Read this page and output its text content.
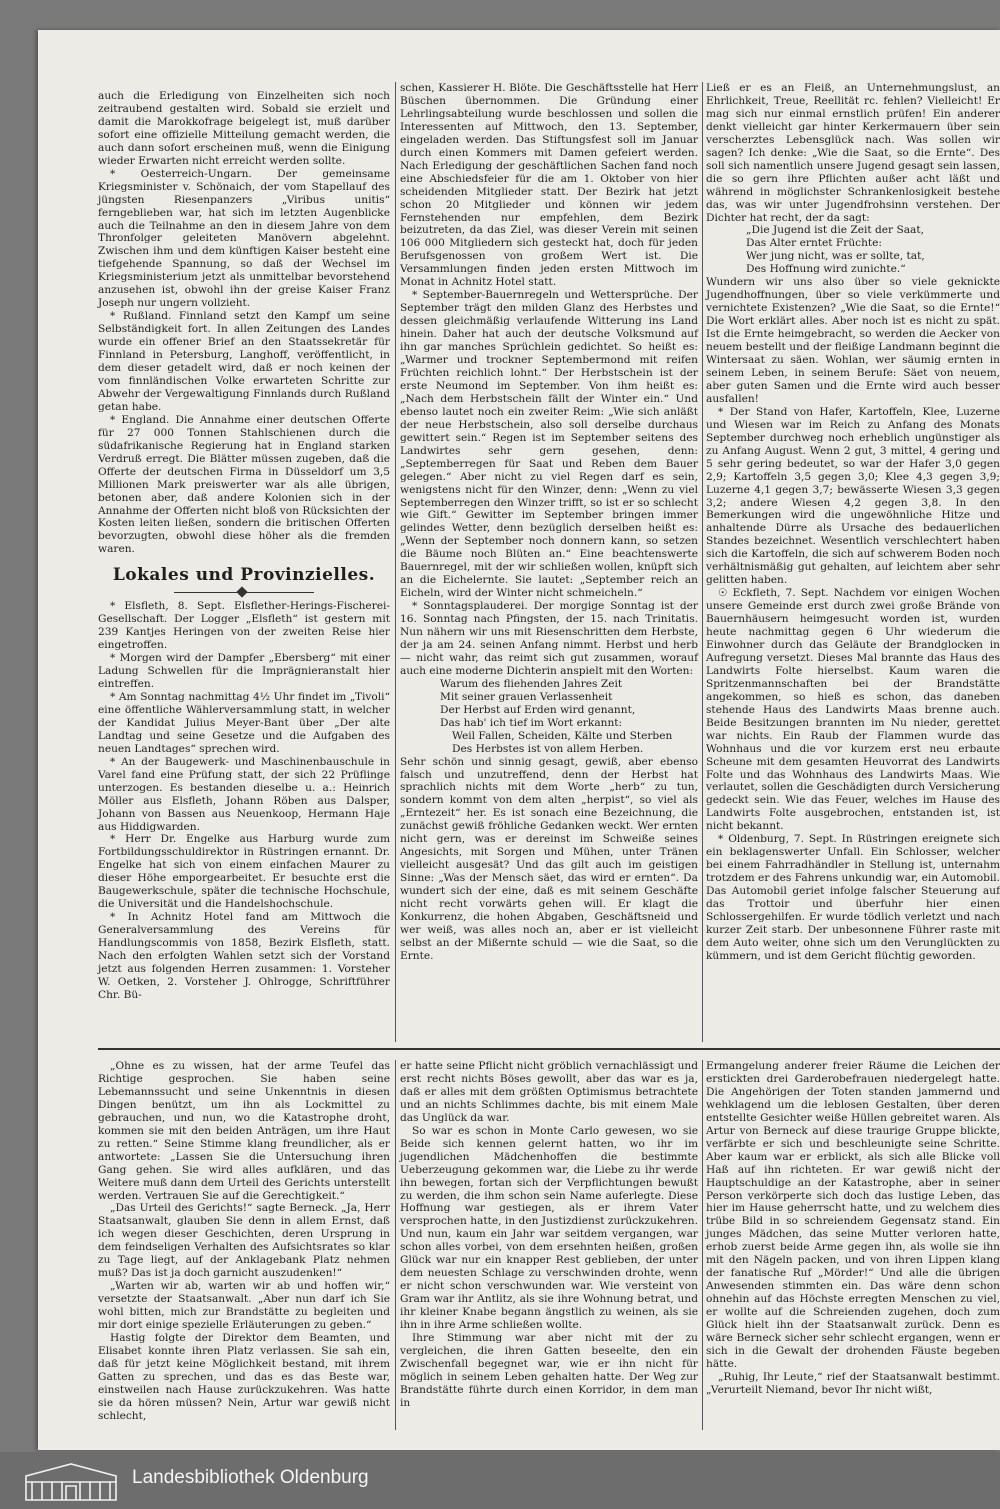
auch die Erledigung von Einzelheiten sich noch zeitraubend gestalten wird. Sobald sie erzielt und damit die Marokkofrage beigelegt ist, muß darüber sofort eine offizielle Mitteilung gemacht werden, die auch dann sofort erscheinen muß, wenn die Einigung wieder Erwarten nicht erreicht werden sollte.

* Oesterreich-Ungarn. Der gemeinsame Kriegsminister v. Schönaich, der vom Stapellauf des jüngsten Riesenpanzers „Viribus unitis“ ferngeblieben war, hat sich im letzten Augenblicke auch die Teilnahme an den in diesem Jahre von dem Thronfolger geleiteten Manövern abgelehnt. Zwischen ihm und dem künftigen Kaiser besteht eine tiefgehende Spannung, so daß der Wechsel im Kriegsministerium jetzt als unmittelbar bevorstehend anzusehen ist, obwohl ihn der greise Kaiser Franz Joseph nur ungern vollzieht.

* Rußland. Finnland setzt den Kampf um seine Selbständigkeit fort. In allen Zeitungen des Landes wurde ein offener Brief an den Staatssekretär für Finnland in Petersburg, Langhoff, veröffentlicht, in dem dieser getadelt wird, daß er noch keinen der vom finnländischen Volke erwarteten Schritte zur Abwehr der Vergewaltigung Finnlands durch Rußland getan habe.

* England. Die Annahme einer deutschen Offerte für 27 000 Tonnen Stahlschienen durch die südafrikanische Regierung hat in England starken Verdruß erregt. Die Blätter müssen zugeben, daß die Offerte der deutschen Firma in Düsseldorf um 3,5 Millionen Mark preiswerter war als alle übrigen, betonen aber, daß andere Kolonien sich in der Annahme der Offerten nicht bloß von Rücksichten der Kosten leiten ließen, sondern die britischen Offerten bevorzugten, obwohl diese höher als die fremden waren.

Lokales und Provinzielles.

* Elsfleth, 8. Sept. Elsflether-Herings-Fischerei-Gesellschaft. Der Logger „Elsfleth“ ist gestern mit 239 Kantjes Heringen von der zweiten Reise hier eingetroffen.

* Morgen wird der Dampfer „Ebersberg“ mit einer Ladung Schwellen für die Imprägnieranstalt hier eintreffen.

* Am Sonntag nachmittag 4½ Uhr findet im „Tivoli“ eine öffentliche Wählerversammlung statt, in welcher der Kandidat Julius Meyer-Bant über „Der alte Landtag und seine Gesetze und die Aufgaben des neuen Landtages“ sprechen wird.

* An der Baugewerk- und Maschinenbauschule in Varel fand eine Prüfung statt, der sich 22 Prüflinge unterzogen. Es bestanden dieselbe u. a.: Heinrich Möller aus Elsfleth, Johann Röben aus Dalsper, Johann von Bassen aus Neuenkoop, Hermann Haje aus Hiddigwarden.

* Herr Dr. Engelke aus Harburg wurde zum Fortbildungsschuldirektor in Rüstringen ernannt. Dr. Engelke hat sich von einem einfachen Maurer zu dieser Höhe emporgearbeitet. Er besuchte erst die Baugewerkschule, später die technische Hochschule, die Universität und die Handelshochschule.

* In Achnitz Hotel fand am Mittwoch die Generalversammlung des Vereins für Handlungscommis von 1858, Bezirk Elsfleth, statt. Nach den erfolgten Wahlen setzt sich der Vorstand jetzt aus folgenden Herren zusammen: 1. Vorsteher W. Oetken, 2. Vorsteher J. Ohlrogge, Schriftführer Chr. Bü-

schen, Kassierer H. Blöte. Die Geschäftsstelle hat Herr Büschen übernommen. Die Gründung einer Lehrlingsabteilung wurde beschlossen und sollen die Interessenten auf Mittwoch, den 13. September, eingeladen werden. Das Stiftungsfest soll im Januar durch einen Kommers mit Damen gefeiert werden. Nach Erledigung der geschäftlichen Sachen fand noch eine Abschiedsfeier für die am 1. Oktober von hier scheidenden Mitglieder statt. Der Bezirk hat jetzt schon 20 Mitglieder und können wir jedem Fernstehenden nur empfehlen, dem Bezirk beizutreten, da das Ziel, was dieser Verein mit seinen 106 000 Mitgliedern sich gesteckt hat, doch für jeden Berufsgenossen von großem Wert ist. Die Versammlungen finden jeden ersten Mittwoch im Monat in Achnitz Hotel statt.

* September-Bauernregeln und Wettersprüche. Der September trägt den milden Glanz des Herbstes und dessen gleichmäßig verlaufende Witterung ins Land hinein. Daher hat auch der deutsche Volksmund auf ihn gar manches Sprüchlein gedichtet. So heißt es: „Warmer und trockner Septembermond mit reifen Früchten reichlich lohnt.“ Der Herbstschein ist der erste Neumond im September. Von ihm heißt es: „Nach dem Herbstschein fällt der Winter ein.“ Und ebenso lautet noch ein zweiter Reim: „Wie sich anläßt der neue Herbstschein, also soll derselbe durchaus gewittert sein.“ Regen ist im September seitens des Landwirtes sehr gern gesehen, denn: „Septemberregen für Saat und Reben dem Bauer gelegen.“ Aber nicht zu viel Regen darf es sein, wenigstens nicht für den Winzer, denn: „Wenn zu viel Septemberregen den Winzer trifft, so ist er so schlecht wie Gift.“ Gewitter im September bringen immer gelindes Wetter, denn bezüglich derselben heißt es: „Wenn der September noch donnern kann, so setzen die Bäume noch Blüten an.“ Eine beachtenswerte Bauernregel, mit der wir schließen wollen, knüpft sich an die Eichelernte. Sie lautet: „September reich an Eicheln, wird der Winter nicht schmeicheln.“

* Sonntagsplauderei. Der morgige Sonntag ist der 16. Sonntag nach Pfingsten, der 15. nach Trinitatis. Nun nähern wir uns mit Riesenschritten dem Herbste, der ja am 24. seinen Anfang nimmt. Herbst und herb — nicht wahr, das reimt sich gut zusammen, worauf auch eine moderne Dichterin anspielt mit den Worten:

Warum des fliehenden Jahres Zeit

Mit seiner grauen Verlassenheit

Der Herbst auf Erden wird genannt,

Das hab' ich tief im Wort erkannt:

Weil Fallen, Scheiden, Kälte und Sterben

Des Herbstes ist von allem Herben.

Sehr schön und sinnig gesagt, gewiß, aber ebenso falsch und unzutreffend, denn der Herbst hat sprachlich nichts mit dem Worte „herb“ zu tun, sondern kommt von dem alten „herpist“, so viel als „Erntezeit“ her. Es ist sonach eine Bezeichnung, die zunächst gewiß fröhliche Gedanken weckt. Wer ernten nicht gern, was er dereinst im Schweiße seines Angesichts, mit Sorgen und Mühen, unter Tränen vielleicht ausgesät? Und das gilt auch im geistigen Sinne: „Was der Mensch säet, das wird er ernten“. Da wundert sich der eine, daß es mit seinem Geschäfte nicht recht vorwärts gehen will. Er klagt die Konkurrenz, die hohen Abgaben, Geschäftsneid und wer weiß, was alles noch an, aber er ist vielleicht selbst an der Mißernte schuld — wie die Saat, so die Ernte.

Ließ er es an Fleiß, an Unternehmungslust, an Ehrlichkeit, Treue, Reellität rc. fehlen? Vielleicht! Er mag sich nur einmal ernstlich prüfen! Ein anderer denkt vielleicht gar hinter Kerkermauern über sein verscherztes Lebensglück nach. Was sollen wir sagen? Ich denke: „Wie die Saat, so die Ernte“. Des soll sich namentlich unsere Jugend gesagt sein lassen, die so gern ihre Pflichten außer acht läßt und während in möglichster Schrankenlosigkeit bestehe das, was wir unter Jugendfrohsinn verstehen. Der Dichter hat recht, der da sagt:

„Die Jugend ist die Zeit der Saat,

Das Alter erntet Früchte:

Wer jung nicht, was er sollte, tat,

Des Hoffnung wird zunichte.“

Wundern wir uns also über so viele geknickte Jugendhoffnungen, über so viele verkümmerte und vernichtete Existenzen? „Wie die Saat, so die Ernte!“ Die Wort erklärt alles. Aber noch ist es nicht zu spät. Ist die Ernte heimgebracht, so werden die Aecker von neuem bestellt und der fleißige Landmann beginnt die Wintersaat zu säen. Wohlan, wer säumig ernten in seinem Leben, in seinem Berufe: Säet von neuem, aber guten Samen und die Ernte wird auch besser ausfallen!

* Der Stand von Hafer, Kartoffeln, Klee, Luzerne und Wiesen war im Reich zu Anfang des Monats September durchweg noch erheblich ungünstiger als zu Anfang August. Wenn 2 gut, 3 mittel, 4 gering und 5 sehr gering bedeutet, so war der Hafer 3,0 gegen 2,9; Kartoffeln 3,5 gegen 3,0; Klee 4,3 gegen 3,9; Luzerne 4,1 gegen 3,7; bewässerte Wiesen 3,3 gegen 3,2; andere Wiesen 4,2 gegen 3,8. In den Bemerkungen wird die ungewöhnliche Hitze und anhaltende Dürre als Ursache des bedauerlichen Standes bezeichnet. Wesentlich verschlechtert haben sich die Kartoffeln, die sich auf schwerem Boden noch verhältnismäßig gut gehalten, auf leichtem aber sehr gelitten haben.

☉ Eckfleth, 7. Sept. Nachdem vor einigen Wochen unsere Gemeinde erst durch zwei große Brände von Bauernhäusern heimgesucht worden ist, wurden heute nachmittag gegen 6 Uhr wiederum die Einwohner durch das Geläute der Brandglocken in Aufregung versetzt. Dieses Mal brannte das Haus des Landwirts Folte hierselbst. Kaum waren die Spritzenmannschaften bei der Brandstätte angekommen, so hieß es schon, das daneben stehende Haus des Landwirts Maas brenne auch. Beide Besitzungen brannten im Nu nieder, gerettet war nichts. Ein Raub der Flammen wurde das Wohnhaus und die vor kurzem erst neu erbaute Scheune mit dem gesamten Heuvorrat des Landwirts Folte und das Wohnhaus des Landwirts Maas. Wie verlautet, sollen die Geschädigten durch Versicherung gedeckt sein. Wie das Feuer, welches im Hause des Landwirts Folte ausgebrochen, entstanden ist, ist nicht bekannt.

* Oldenburg, 7. Sept. In Rüstringen ereignete sich ein beklagenswerter Unfall. Ein Schlosser, welcher bei einem Fahrradhändler in Stellung ist, unternahm trotzdem er des Fahrens unkundig war, ein Automobil. Das Automobil geriet infolge falscher Steuerung auf das Trottoir und überfuhr hier einen Schlossergehilfen. Er wurde tödlich verletzt und nach kurzer Zeit starb. Der unbesonnene Führer raste mit dem Auto weiter, ohne sich um den Verunglückten zu kümmern, und ist dem Gericht flüchtig geworden.

„Ohne es zu wissen, hat der arme Teufel das Richtige gesprochen. Sie haben seine Lebemannssucht und seine Unkenntnis in diesen Dingen benützt, um ihn als Lockmittel zu gebrauchen, und nun, wo die Katastrophe droht, kommen sie mit den beiden Anträgen, um ihre Haut zu retten.“ Seine Stimme klang freundlicher, als er antwortete: „Lassen Sie die Untersuchung ihren Gang gehen. Sie wird alles aufklären, und das Weitere muß dann dem Urteil des Gerichts unterstellt werden. Vertrauen Sie auf die Gerechtigkeit.“

„Das Urteil des Gerichts!“ sagte Berneck. „Ja, Herr Staatsanwalt, glauben Sie denn in allem Ernst, daß ich wegen dieser Geschichten, deren Ursprung in dem feindseligen Verhalten des Aufsichtsrates so klar zu Tage liegt, auf der Anklagebank Platz nehmen muß? Das ist ja doch garnicht auszudenken!“

„Warten wir ab, warten wir ab und hoffen wir,“ versetzte der Staatsanwalt. „Aber nun darf ich Sie wohl bitten, mich zur Brandstätte zu begleiten und mir dort einige spezielle Erläuterungen zu geben.“

Hastig folgte der Direktor dem Beamten, und Elisabet konnte ihren Platz verlassen. Sie sah ein, daß für jetzt keine Möglichkeit bestand, mit ihrem Gatten zu sprechen, und das es das Beste war, einstweilen nach Hause zurückzukehren. Was hatte sie da hören müssen? Nein, Artur war gewiß nicht schlecht,

er hatte seine Pflicht nicht gröblich vernachlässigt und erst recht nichts Böses gewollt, aber das war es ja, daß er alles mit dem größten Optimismus betrachtete und an nichts Schlimmes dachte, bis mit einem Male das Unglück da war.

So war es schon in Monte Carlo gewesen, wo sie Beide sich kennen gelernt hatten, wo ihr im jugendlichen Mädchenhoffen die bestimmte Ueberzeugung gekommen war, die Liebe zu ihr werde ihn bewegen, fortan sich der Verpflichtungen bewußt zu werden, die ihm schon sein Name auferlegte. Diese Hoffnung war gestiegen, als er ihrem Vater versprochen hatte, in den Justizdienst zurückzukehren. Und nun, kaum ein Jahr war seitdem vergangen, war schon alles vorbei, von dem ersehnten heißen, großen Glück war nur ein knapper Rest geblieben, der unter dem neuesten Schlage zu verschwinden drohte, wenn er nicht schon verschwunden war. Wie versteint von Gram war ihr Antlitz, als sie ihre Wohnung betrat, und ihr kleiner Knabe begann ängstlich zu weinen, als sie ihn in ihre Arme schließen wollte.

Ihre Stimmung war aber nicht mit der zu vergleichen, die ihren Gatten beseelte, den ein Zwischenfall begegnet war, wie er ihn nicht für möglich in seinem Leben gehalten hatte. Der Weg zur Brandstätte führte durch einen Korridor, in dem man in

Ermangelung anderer freier Räume die Leichen der erstickten drei Garderobefrauen niedergelegt hatte. Die Angehörigen der Toten standen jammernd und wehklagend um die leblosen Gestalten, über deren entstellte Gesichter weiße Hüllen gebreitet waren. Als Artur von Berneck auf diese traurige Gruppe blickte, verfärbte er sich und beschleunigte seine Schritte. Aber kaum war er erblickt, als sich alle Blicke voll Haß auf ihn richteten. Er war gewiß nicht der Hauptschuldige an der Katastrophe, aber in seiner Person verkörperte sich doch das lustige Leben, das hier im Hause geherrscht hatte, und zu welchem dies trübe Bild in so schreiendem Gegensatz stand. Ein junges Mädchen, das seine Mutter verloren hatte, erhob zuerst beide Arme gegen ihn, als wolle sie ihn mit den Nägeln packen, und von ihren Lippen klang der fanatische Ruf „Mörder!“ Und alle die übrigen Anwesenden stimmten ein. Das wäre denn schon ohnehin auf das Höchste erregten Menschen zu viel, er wollte auf die Schreienden zugehen, doch zum Glück hielt ihn der Staatsanwalt zurück. Denn es wäre Berneck sicher sehr schlecht ergangen, wenn er sich in die Gewalt der drohenden Fäuste begeben hätte.

„Ruhig, Ihr Leute,“ rief der Staatsanwalt bestimmt. „Verurteilt Niemand, bevor Ihr nicht wißt,

Landesbibliothek Oldenburg
